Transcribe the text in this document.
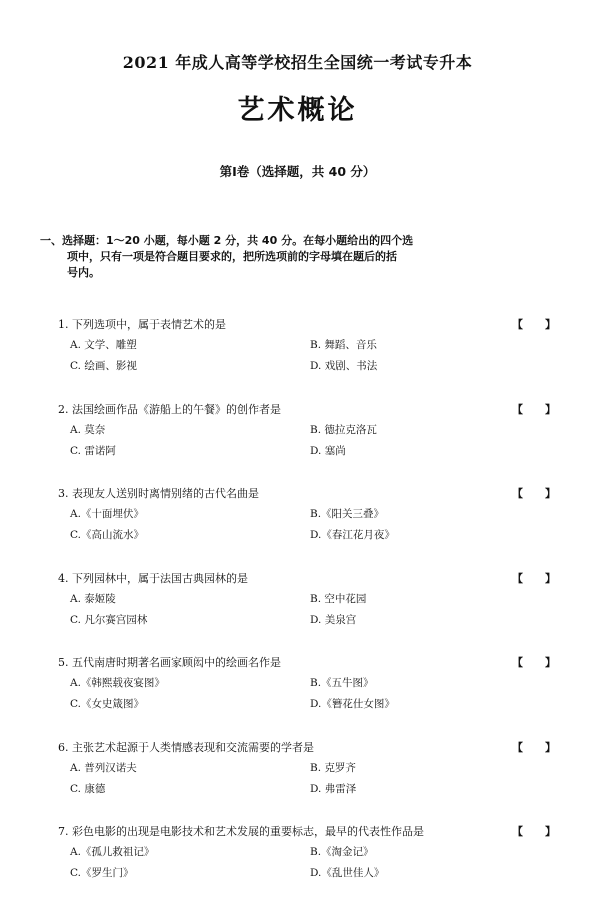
2021 年成人高等学校招生全国统一考试专升本
艺术概论
第Ⅰ卷（选择题，共 40 分）
一、选择题：1～20 小题，每小题 2 分，共 40 分。在每小题给出的四个选
项中，只有一项是符合题目要求的，把所选项前的字母填在题后的括
号内。
1. 下列选项中，属于表情艺术的是	【　　】
A. 文学、雕塑	B. 舞蹈、音乐
C. 绘画、影视	D. 戏剧、书法
2. 法国绘画作品《游船上的午餐》的创作者是	【　　】
A. 莫奈	B. 德拉克洛瓦
C. 雷诺阿	D. 塞尚
3. 表现友人送别时离情别绪的古代名曲是	【　　】
A.《十面埋伏》	B.《阳关三叠》
C.《高山流水》	D.《春江花月夜》
4. 下列园林中，属于法国古典园林的是	【　　】
A. 泰姬陵	B. 空中花园
C. 凡尔赛宫园林	D. 美泉宫
5. 五代南唐时期著名画家顾闳中的绘画名作是	【　　】
A.《韩熙载夜宴图》	B.《五牛图》
C.《女史箴图》	D.《簪花仕女图》
6. 主张艺术起源于人类情感表现和交流需要的学者是	【　　】
A. 普列汉诺夫	B. 克罗齐
C. 康德	D. 弗雷泽
7. 彩色电影的出现是电影技术和艺术发展的重要标志，最早的代表性作品是	【　　】
A.《孤儿救祖记》	B.《淘金记》
C.《罗生门》	D.《乱世佳人》
